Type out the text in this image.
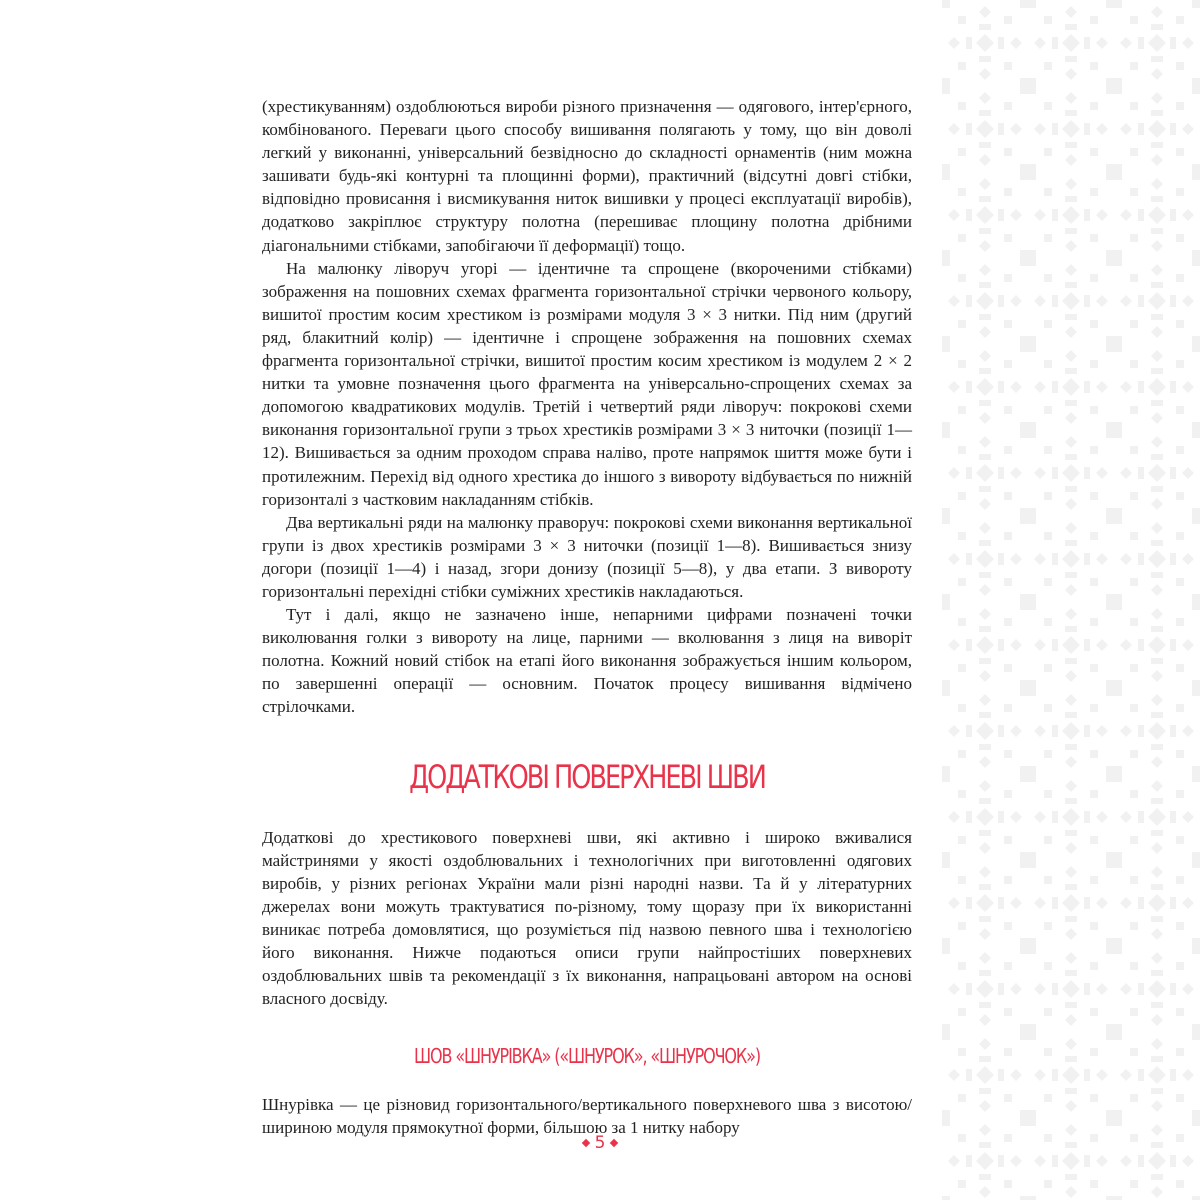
(хрестикуванням) оздоблюються вироби різного призначення — одягового, інтер'єрного, комбінованого. Переваги цього способу вишивання полягають у тому, що він доволі легкий у виконанні, універсальний безвідносно до складності орнаментів (ним можна зашивати будь-які контурні та площинні форми), практичний (відсутні довгі стібки, відповідно провисання і висмикування ниток вишивки у процесі експлуатації виробів), додатково закріплює структуру полотна (перешиває площину полотна дрібними діагональними стібками, запобігаючи її деформації) тощо.

На малюнку ліворуч угорі — ідентичне та спрощене (вкороченими стібками) зображення на пошовних схемах фрагмента горизонтальної стрічки червоного кольору, вишитої простим косим хрестиком із розмірами модуля 3 × 3 нитки. Під ним (другий ряд, блакитний колір) — ідентичне і спрощене зображення на пошовних схемах фрагмента горизонтальної стрічки, вишитої простим косим хрестиком із модулем 2 × 2 нитки та умовне позначення цього фрагмента на універсально-спрощених схемах за допомогою квадратикових модулів. Третій і четвертий ряди ліворуч: покрокові схеми виконання горизонтальної групи з трьох хрестиків розмірами 3 × 3 ниточки (позиції 1—12). Вишивається за одним проходом справа наліво, проте напрямок шиття може бути і протилежним. Перехід від одного хрестика до іншого з вивороту відбувається по нижній горизонталі з частковим накладанням стібків.

Два вертикальні ряди на малюнку праворуч: покрокові схеми виконання вертикальної групи із двох хрестиків розмірами 3 × 3 ниточки (позиції 1—8). Вишивається знизу догори (позиції 1—4) і назад, згори донизу (позиції 5—8), у два етапи. З вивороту горизонтальні перехідні стібки суміжних хрестиків накладаються.

Тут і далі, якщо не зазначено інше, непарними цифрами позначені точки виколювання голки з вивороту на лице, парними — вколювання з лиця на виворіт полотна. Кожний новий стібок на етапі його виконання зображується іншим кольором, по завершенні операції — основним. Початок процесу вишивання відмічено стрілочками.

ДОДАТКОВІ ПОВЕРХНЕВІ ШВИ

Додаткові до хрестикового поверхневі шви, які активно і широко вживалися майстринями у якості оздоблювальних і технологічних при виготовленні одягових виробів, у різних регіонах України мали різні народні назви. Та й у літературних джерелах вони можуть трактуватися по-різному, тому щоразу при їх використанні виникає потреба домовлятися, що розуміється під назвою певного шва і технологією його виконання. Нижче подаються описи групи найпростіших поверхневих оздоблювальних швів та рекомендації з їх виконання, напрацьовані автором на основі власного досвіду.

ШОВ «ШНУРІВКА» («ШНУРОК», «ШНУРОЧОК»)

Шнурівка — це різновид горизонтального/вертикального поверхневого шва з висотою/шириною модуля прямокутної форми, більшою за 1 нитку набору

5
